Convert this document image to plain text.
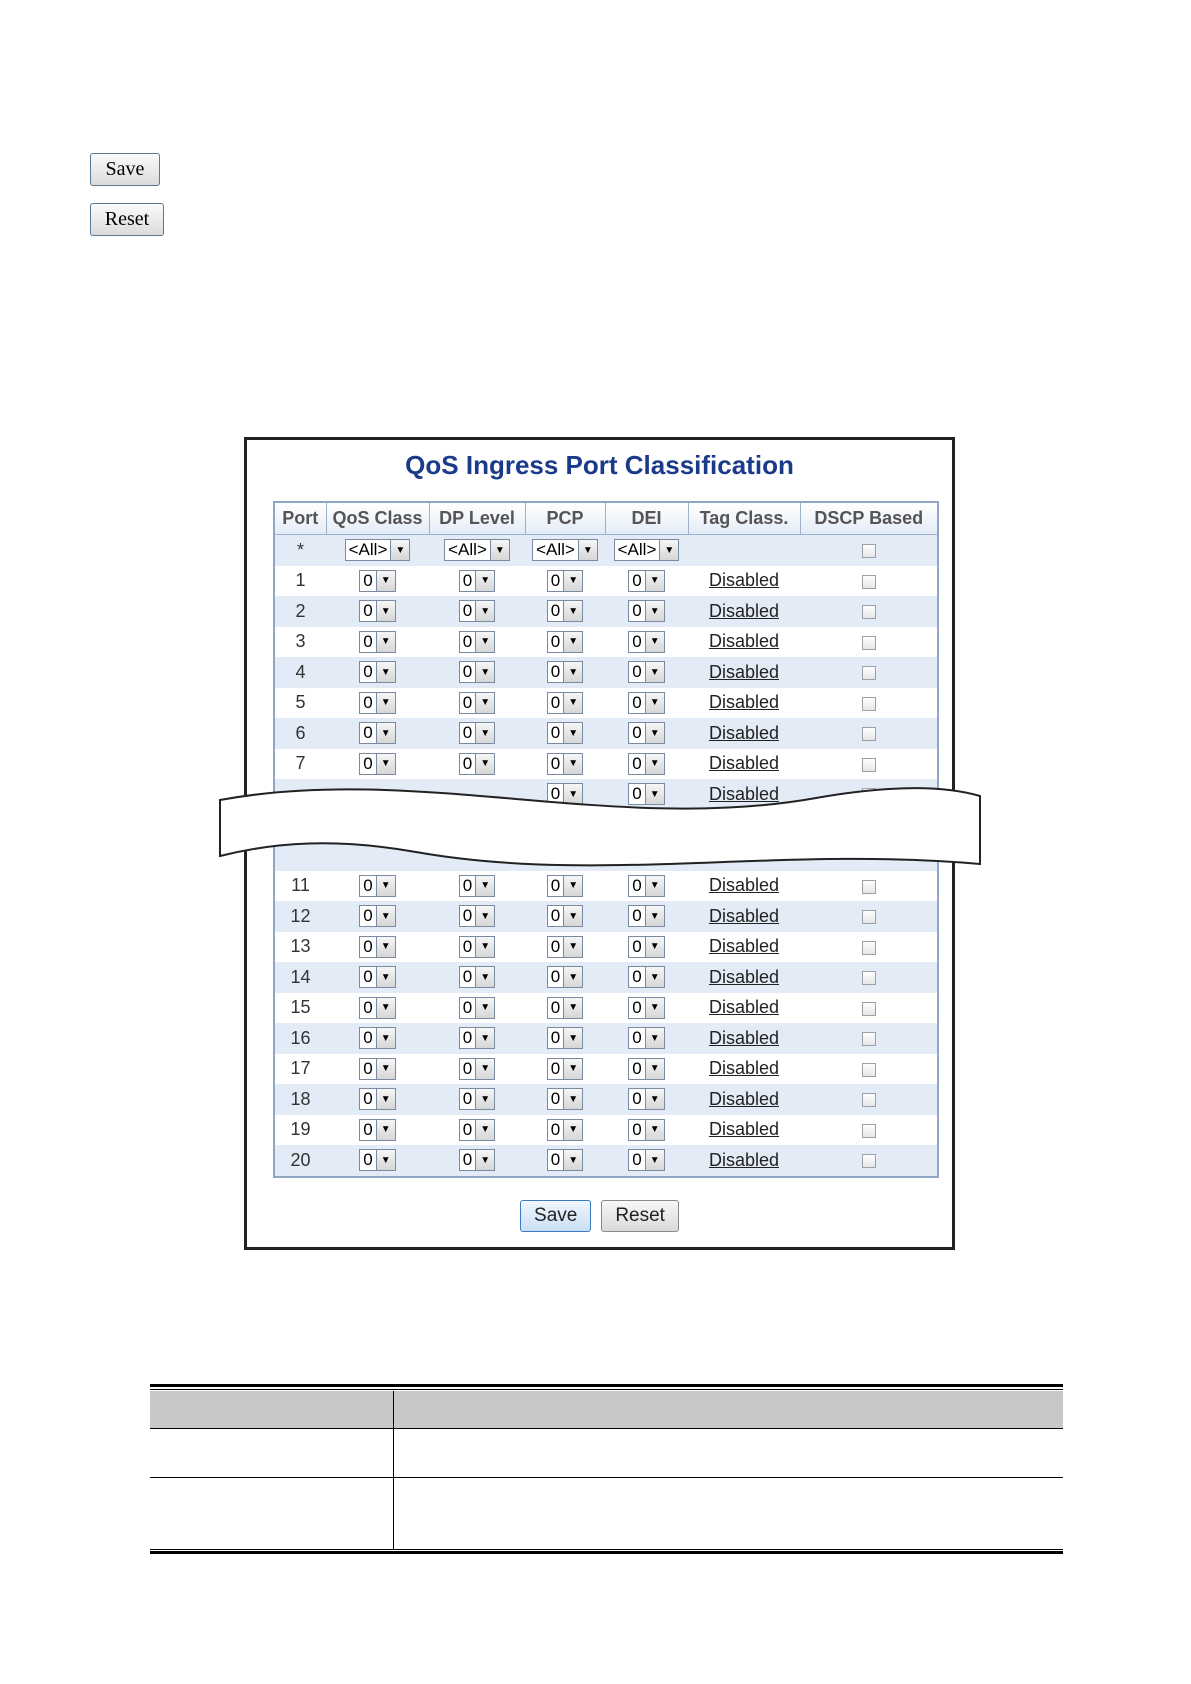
Save
Reset
QoS Ingress Port Classification
Port	QoS Class	DP Level	PCP	DEI	Tag Class.	DSCP Based
*	<All> ▼	<All> ▼	<All> ▼	<All> ▼		

1	0 ▼	0 ▼	0 ▼	0 ▼	Disabled	
2	0 ▼	0 ▼	0 ▼	0 ▼	Disabled	
3	0 ▼	0 ▼	0 ▼	0 ▼	Disabled	
4	0 ▼	0 ▼	0 ▼	0 ▼	Disabled	
5	0 ▼	0 ▼	0 ▼	0 ▼	Disabled	
6	0 ▼	0 ▼	0 ▼	0 ▼	Disabled	
7	0 ▼	0 ▼	0 ▼	0 ▼	Disabled	

			0 ▼	0 ▼	Disabled	

11	0 ▼	0 ▼	0 ▼	0 ▼	Disabled	
12	0 ▼	0 ▼	0 ▼	0 ▼	Disabled	
13	0 ▼	0 ▼	0 ▼	0 ▼	Disabled	
14	0 ▼	0 ▼	0 ▼	0 ▼	Disabled	
15	0 ▼	0 ▼	0 ▼	0 ▼	Disabled	
16	0 ▼	0 ▼	0 ▼	0 ▼	Disabled	
17	0 ▼	0 ▼	0 ▼	0 ▼	Disabled	
18	0 ▼	0 ▼	0 ▼	0 ▼	Disabled	
19	0 ▼	0 ▼	0 ▼	0 ▼	Disabled	
20	0 ▼	0 ▼	0 ▼	0 ▼	Disabled	
Save	Reset
